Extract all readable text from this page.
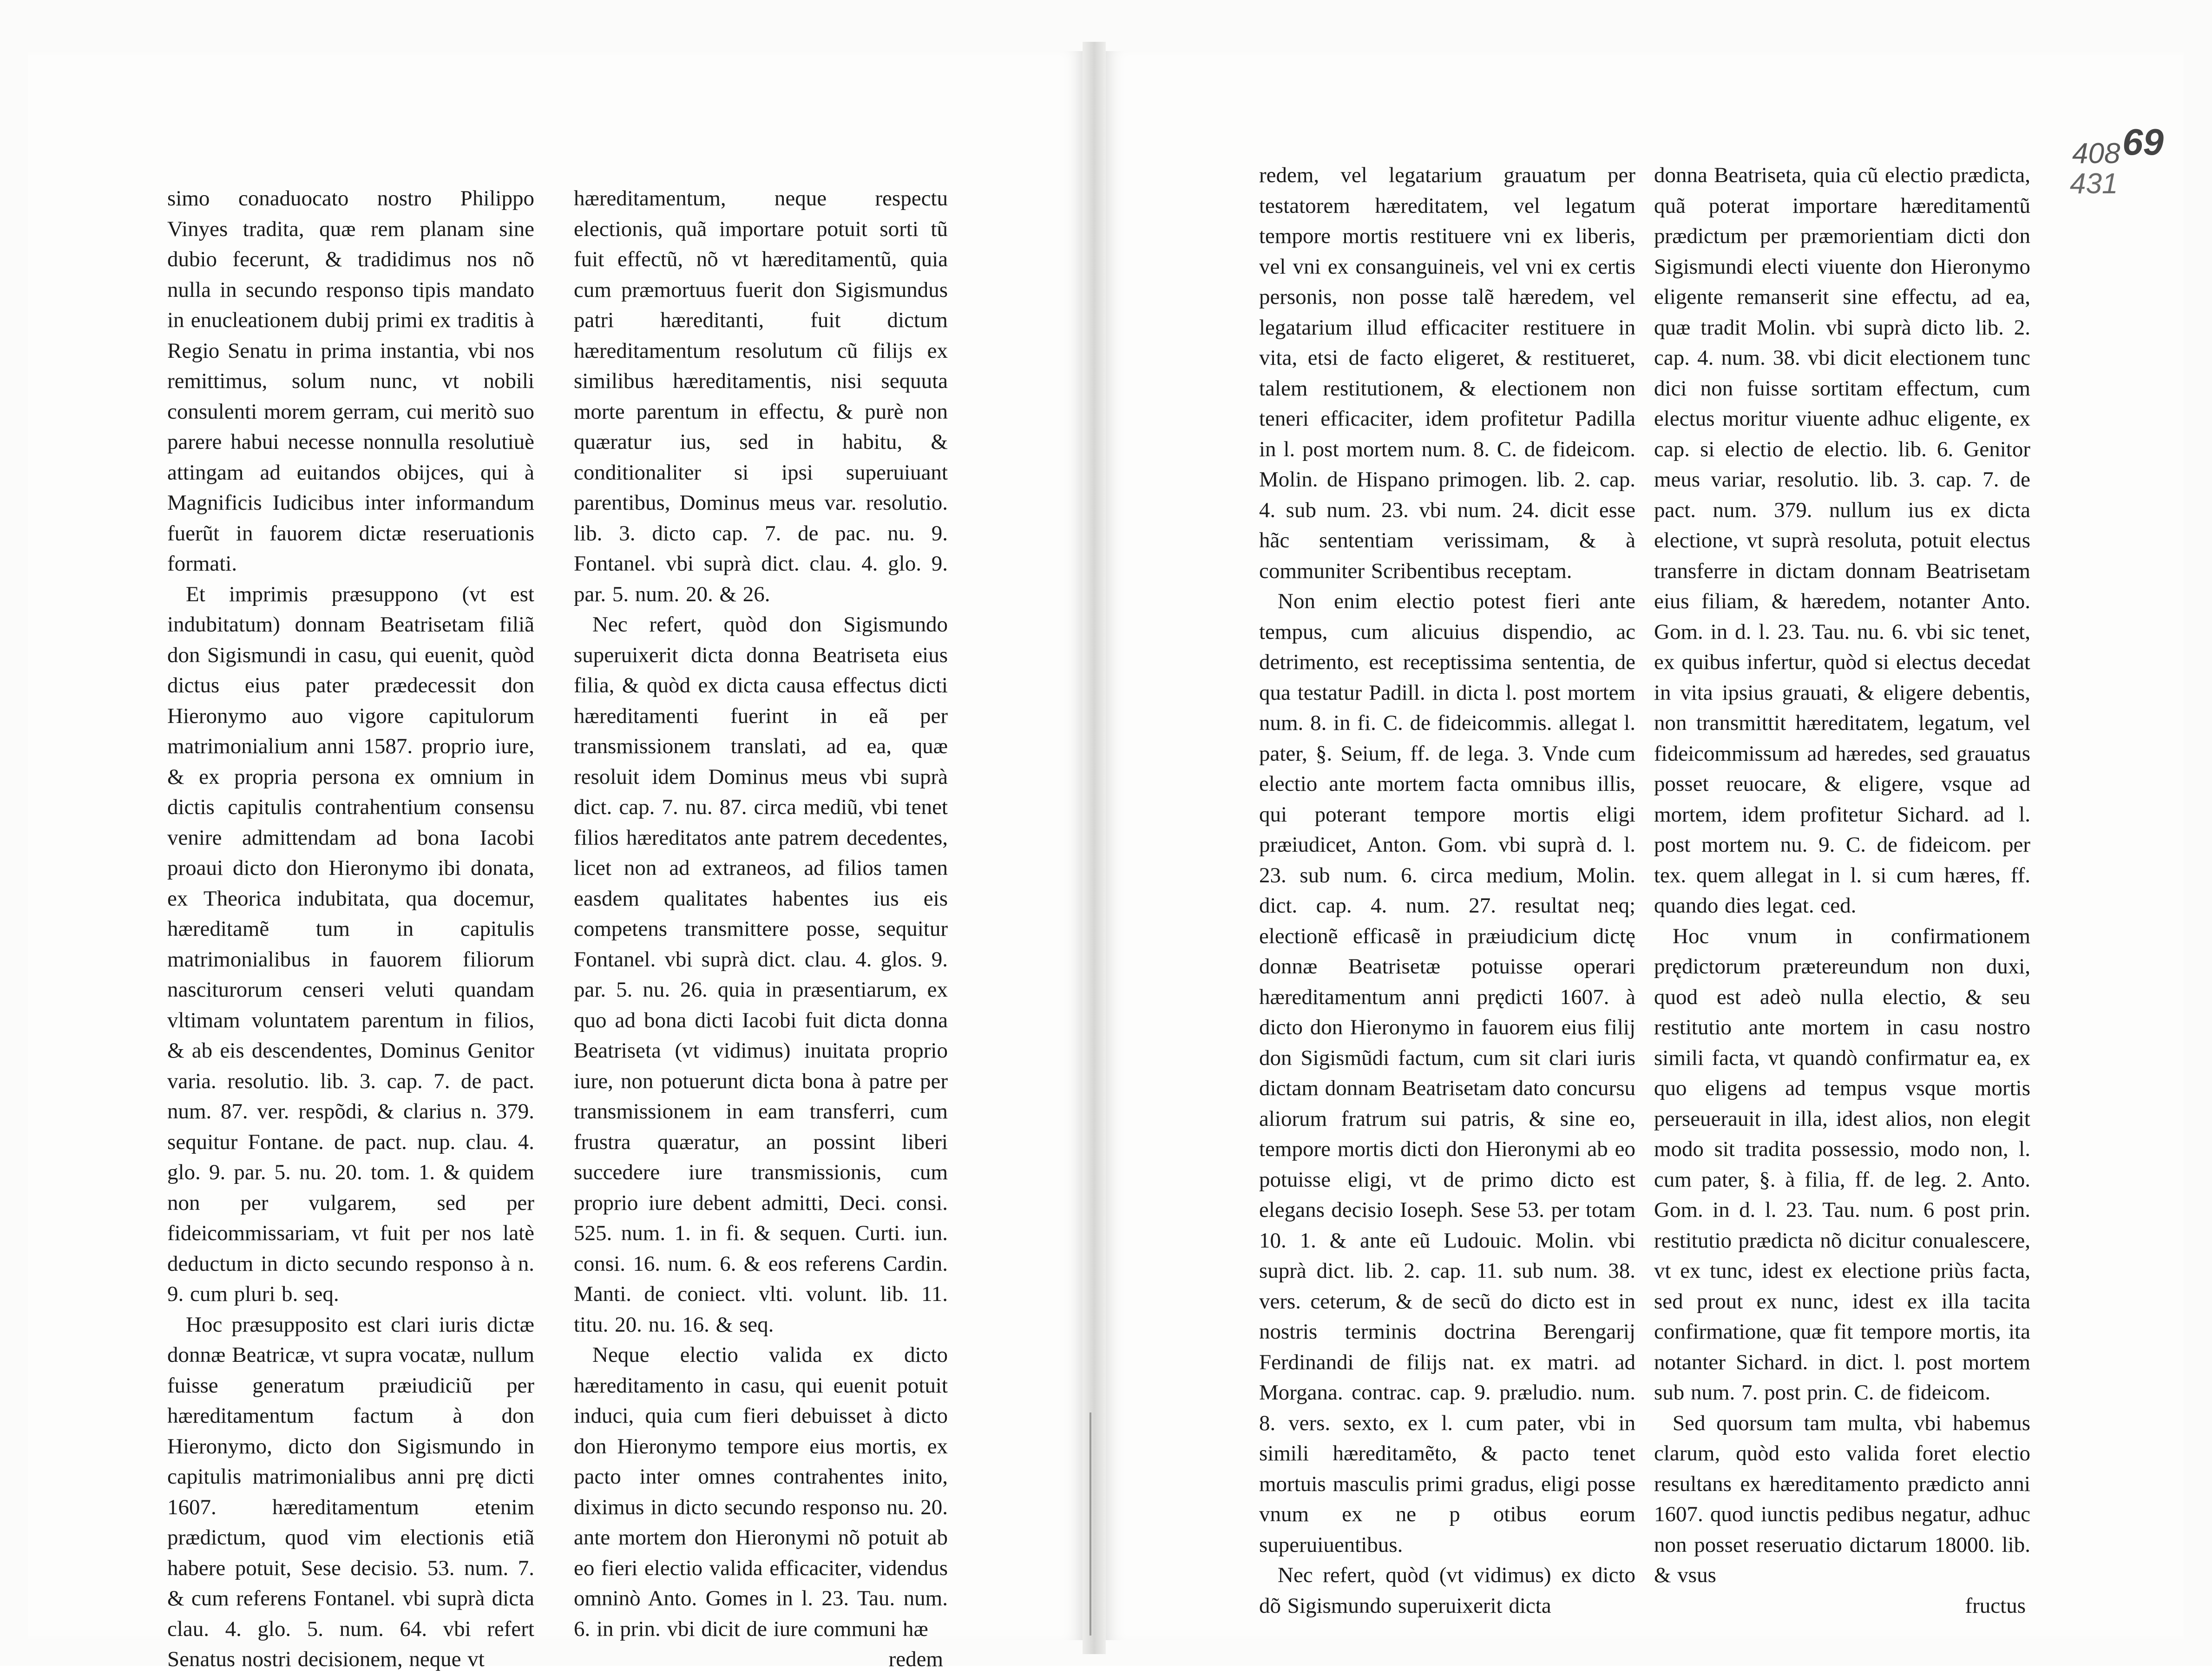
69
408
431

simo conaduocato nostro Philippo Vinyes tradita, quæ rem planam sine dubio fecerunt, & tradidimus nos nõ nulla in secundo responso tipis mandato in enucleationem dubij primi ex traditis à Regio Senatu in prima instantia, vbi nos remittimus, solum nunc, vt nobili consulenti morem gerram, cui meritò suo parere habui necesse nonnulla resolutiuè attingam ad euitandos obijces, qui à Magnificis Iudicibus inter informandum fuerũt in fauorem dictæ reseruationis formati.

Et imprimis præsuppono (vt est indubitatum) donnam Beatrisetam filiã don Sigismundi in casu, qui euenit, quòd dictus eius pater prædecessit don Hieronymo auo vigore capitulorum matrimonialium anni 1587. proprio iure, & ex propria persona ex omnium in dictis capitulis contrahentium consensu venire admittendam ad bona Iacobi proaui dicto don Hieronymo ibi donata, ex Theorica indubitata, qua docemur, hæreditamẽ tum in capitulis matrimonialibus in fauorem filiorum nasciturorum censeri veluti quandam vltimam voluntatem parentum in filios, & ab eis descendentes, Dominus Genitor varia. resolutio. lib. 3. cap. 7. de pact. num. 87. ver. respõdi, & clarius n. 379. sequitur Fontane. de pact. nup. clau. 4. glo. 9. par. 5. nu. 20. tom. 1. & quidem non per vulgarem, sed per fideicommissariam, vt fuit per nos latè deductum in dicto secundo responso à n. 9. cum pluri b. seq.

Hoc præsupposito est clari iuris dictæ donnæ Beatricæ, vt supra vocatæ, nullum fuisse generatum præiudiciũ per hæreditamentum factum à don Hieronymo, dicto don Sigismundo in capitulis matrimonialibus anni prę dicti 1607. hæreditamentum etenim prædictum, quod vim electionis etiã habere potuit, Sese decisio. 53. num. 7. & cum referens Fontanel. vbi suprà dicta clau. 4. glo. 5. num. 64. vbi refert Senatus nostri decisionem, neque vt

hæreditamentum, neque respectu electionis, quã importare potuit sorti tũ fuit effectũ, nõ vt hæreditamentũ, quia cum præmortuus fuerit don Sigismundus patri hæreditanti, fuit dictum hæreditamentum resolutum cũ filijs ex similibus hæreditamentis, nisi sequuta morte parentum in effectu, & purè non quæratur ius, sed in habitu, & conditionaliter si ipsi superuiuant parentibus, Dominus meus var. resolutio. lib. 3. dicto cap. 7. de pac. nu. 9. Fontanel. vbi suprà dict. clau. 4. glo. 9. par. 5. num. 20. & 26.

Nec refert, quòd don Sigismundo superuixerit dicta donna Beatriseta eius filia, & quòd ex dicta causa effectus dicti hæreditamenti fuerint in eã per transmissionem translati, ad ea, quæ resoluit idem Dominus meus vbi suprà dict. cap. 7. nu. 87. circa mediũ, vbi tenet filios hæreditatos ante patrem decedentes, licet non ad extraneos, ad filios tamen easdem qualitates habentes ius eis competens transmittere posse, sequitur Fontanel. vbi suprà dict. clau. 4. glos. 9. par. 5. nu. 26. quia in præsentiarum, ex quo ad bona dicti Iacobi fuit dicta donna Beatriseta (vt vidimus) inuitata proprio iure, non potuerunt dicta bona à patre per transmissionem in eam transferri, cum frustra quæratur, an possint liberi succedere iure transmissionis, cum proprio iure debent admitti, Deci. consi. 525. num. 1. in fi. & sequen. Curti. iun. consi. 16. num. 6. & eos referens Cardin. Manti. de coniect. vlti. volunt. lib. 11. titu. 20. nu. 16. & seq.

Neque electio valida ex dicto hæreditamento in casu, qui euenit potuit induci, quia cum fieri debuisset à dicto don Hieronymo tempore eius mortis, ex pacto inter omnes contrahentes inito, diximus in dicto secundo responso nu. 20. ante mortem don Hieronymi nõ potuit ab eo fieri electio valida efficaciter, videndus omninò Anto. Gomes in l. 23. Tau. num. 6. in prin. vbi dicit de iure communi hæ

redem

redem, vel legatarium grauatum per testatorem hæreditatem, vel legatum tempore mortis restituere vni ex liberis, vel vni ex consanguineis, vel vni ex certis personis, non posse talẽ hæredem, vel legatarium illud efficaciter restituere in vita, etsi de facto eligeret, & restitueret, talem restitutionem, & electionem non teneri efficaciter, idem profitetur Padilla in l. post mortem num. 8. C. de fideicom. Molin. de Hispano primogen. lib. 2. cap. 4. sub num. 23. vbi num. 24. dicit esse hãc sententiam verissimam, & à communiter Scribentibus receptam.

Non enim electio potest fieri ante tempus, cum alicuius dispendio, ac detrimento, est receptissima sententia, de qua testatur Padill. in dicta l. post mortem num. 8. in fi. C. de fideicommis. allegat l. pater, §. Seium, ff. de lega. 3. Vnde cum electio ante mortem facta omnibus illis, qui poterant tempore mortis eligi præiudicet, Anton. Gom. vbi suprà d. l. 23. sub num. 6. circa medium, Molin. dict. cap. 4. num. 27. resultat neq; electionẽ efficasẽ in præiudicium dictę donnæ Beatrisetæ potuisse operari hæreditamentum anni prędicti 1607. à dicto don Hieronymo in fauorem eius filij don Sigismũdi factum, cum sit clari iuris dictam donnam Beatrisetam dato concursu aliorum fratrum sui patris, & sine eo, tempore mortis dicti don Hieronymi ab eo potuisse eligi, vt de primo dicto est elegans decisio Ioseph. Sese 53. per totam 10. 1. & ante eũ Ludouic. Molin. vbi suprà dict. lib. 2. cap. 11. sub num. 38. vers. ceterum, & de secũ do dicto est in nostris terminis doctrina Berengarij Ferdinandi de filijs nat. ex matri. ad Morgana. contrac. cap. 9. præludio. num. 8. vers. sexto, ex l. cum pater, vbi in simili hæreditamẽto, & pacto tenet mortuis masculis primi gradus, eligi posse vnum ex ne p otibus eorum superuiuentibus.

Nec refert, quòd (vt vidimus) ex dicto dõ Sigismundo superuixerit dicta

donna Beatriseta, quia cũ electio prædicta, quã poterat importare hæreditamentũ prædictum per præmorientiam dicti don Sigismundi electi viuente don Hieronymo eligente remanserit sine effectu, ad ea, quæ tradit Molin. vbi suprà dicto lib. 2. cap. 4. num. 38. vbi dicit electionem tunc dici non fuisse sortitam effectum, cum electus moritur viuente adhuc eligente, ex cap. si electio de electio. lib. 6. Genitor meus variar, resolutio. lib. 3. cap. 7. de pact. num. 379. nullum ius ex dicta electione, vt suprà resoluta, potuit electus transferre in dictam donnam Beatrisetam eius filiam, & hæredem, notanter Anto. Gom. in d. l. 23. Tau. nu. 6. vbi sic tenet, ex quibus infertur, quòd si electus decedat in vita ipsius grauati, & eligere debentis, non transmittit hæreditatem, legatum, vel fideicommissum ad hæredes, sed grauatus posset reuocare, & eligere, vsque ad mortem, idem profitetur Sichard. ad l. post mortem nu. 9. C. de fideicom. per tex. quem allegat in l. si cum hæres, ff. quando dies legat. ced.

Hoc vnum in confirmationem prędictorum prætereundum non duxi, quod est adeò nulla electio, & seu restitutio ante mortem in casu nostro simili facta, vt quandò confirmatur ea, ex quo eligens ad tempus vsque mortis perseuerauit in illa, idest alios, non elegit modo sit tradita possessio, modo non, l. cum pater, §. à filia, ff. de leg. 2. Anto. Gom. in d. l. 23. Tau. num. 6 post prin. restitutio prædicta nõ dicitur conualescere, vt ex tunc, idest ex electione priùs facta, sed prout ex nunc, idest ex illa tacita confirmatione, quæ fit tempore mortis, ita notanter Sichard. in dict. l. post mortem sub num. 7. post prin. C. de fideicom.

Sed quorsum tam multa, vbi habemus clarum, quòd esto valida foret electio resultans ex hæreditamento prædicto anni 1607. quod iunctis pedibus negatur, adhuc non posset reseruatio dictarum 18000. lib. & vsus

fructus
